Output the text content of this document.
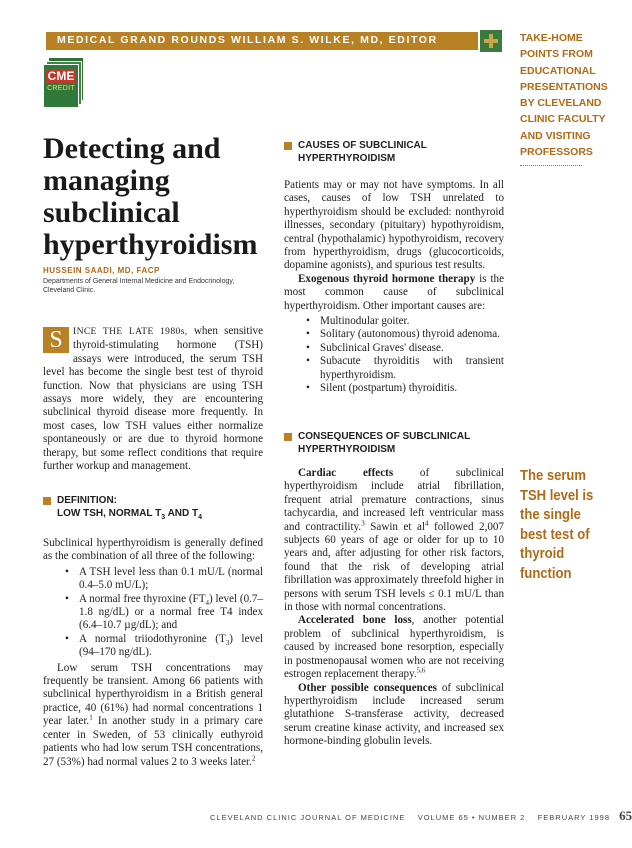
MEDICAL GRAND ROUNDS WILLIAM S. WILKE, MD, EDITOR
CME
CREDIT
TAKE-HOME POINTS FROM EDUCATIONAL PRESENTATIONS BY CLEVELAND CLINIC FACULTY AND VISITING PROFESSORS
The serum TSH level is the single best test of thyroid function
Detecting and managing subclinical hyperthyroidism
HUSSEIN SAADI, MD, FACP
Departments of General Internal Medicine and Endocrinology, Cleveland Clinic.
S	INCE THE LATE 1980s, when sensitive thyroid-stimulating hormone (TSH) assays were introduced, the serum TSH level has become the single best test of thyroid function. Now that physicians are using TSH assays more widely, they are encountering subclinical thyroid disease more frequently. In most cases, low TSH values either normalize spontaneously or are due to thyroid hormone therapy, but some reflect conditions that require further workup and management.
DEFINITION:
LOW TSH, NORMAL $T_3$ AND $T_4$

Subclinical hyperthyroidism is generally defined as the combination of all three of the following:

• A TSH level less than 0.1 mU/L (normal 0.4–5.0 mU/L);
• A normal free thyroxine $(FT_4)$ level (0.7–1.8 ng/dL) or a normal free T4 index (6.4–10.7 µg/dL); and
• A normal triiodothyronine $(T_3)$ level (94–170 ng/dL).

Low serum TSH concentrations may frequently be transient. Among 66 patients with subclinical hyperthyroidism in a British general practice, 40 (61%) had normal concentrations 1 year later.$^1$ In another study in a primary care center in Sweden, of 53 clinically euthyroid patients who had low serum TSH concentrations, 27 (53%) had normal values 2 to 3 weeks later.$^2$

CAUSES OF SUBCLINICAL HYPERTHYROIDISM

Patients may or may not have symptoms. In all cases, causes of low TSH unrelated to hyperthyroidism should be excluded: nonthyroid illnesses, secondary (pituitary) hypothyroidism, central (hypothalamic) hypothyroidism, recovery from hyperthyroidism, drugs (glucocorticoids, dopamine agonists), and spurious test results.

Exogenous thyroid hormone therapy is the most common cause of subclinical hyperthyroidism. Other important causes are:

• Multinodular goiter.
• Solitary (autonomous) thyroid adenoma.
• Subclinical Graves' disease.
• Subacute thyroiditis with transient hyperthyroidism.
• Silent (postpartum) thyroiditis.
CONSEQUENCES OF SUBCLINICAL HYPERTHYROIDISM

Cardiac effects of subclinical hyperthyroidism include atrial fibrillation, frequent atrial premature contractions, sinus tachycardia, and increased left ventricular mass and contractility.$^3$ Sawin et $al^4$ followed 2,007 subjects 60 years of age or older for up to 10 years and, after adjusting for other risk factors, found that the risk of developing atrial fibrillation was approximately threefold higher in persons with serum TSH levels ≤ 0.1 mU/L than in those with normal concentrations.

Accelerated bone loss, another potential problem of subclinical hyperthyroidism, is caused by increased bone resorption, especially in postmenopausal women who are not receiving estrogen replacement therapy.$^{5,6}$

Other possible consequences of subclinical hyperthyroidism include increased serum glutathione S-transferase activity, decreased serum creatine kinase activity, and increased sex hormone-binding globulin levels.

CLEVELAND CLINIC JOURNAL OF MEDICINE VOLUME 65 • NUMBER 2 FEBRUARY 1998 65
